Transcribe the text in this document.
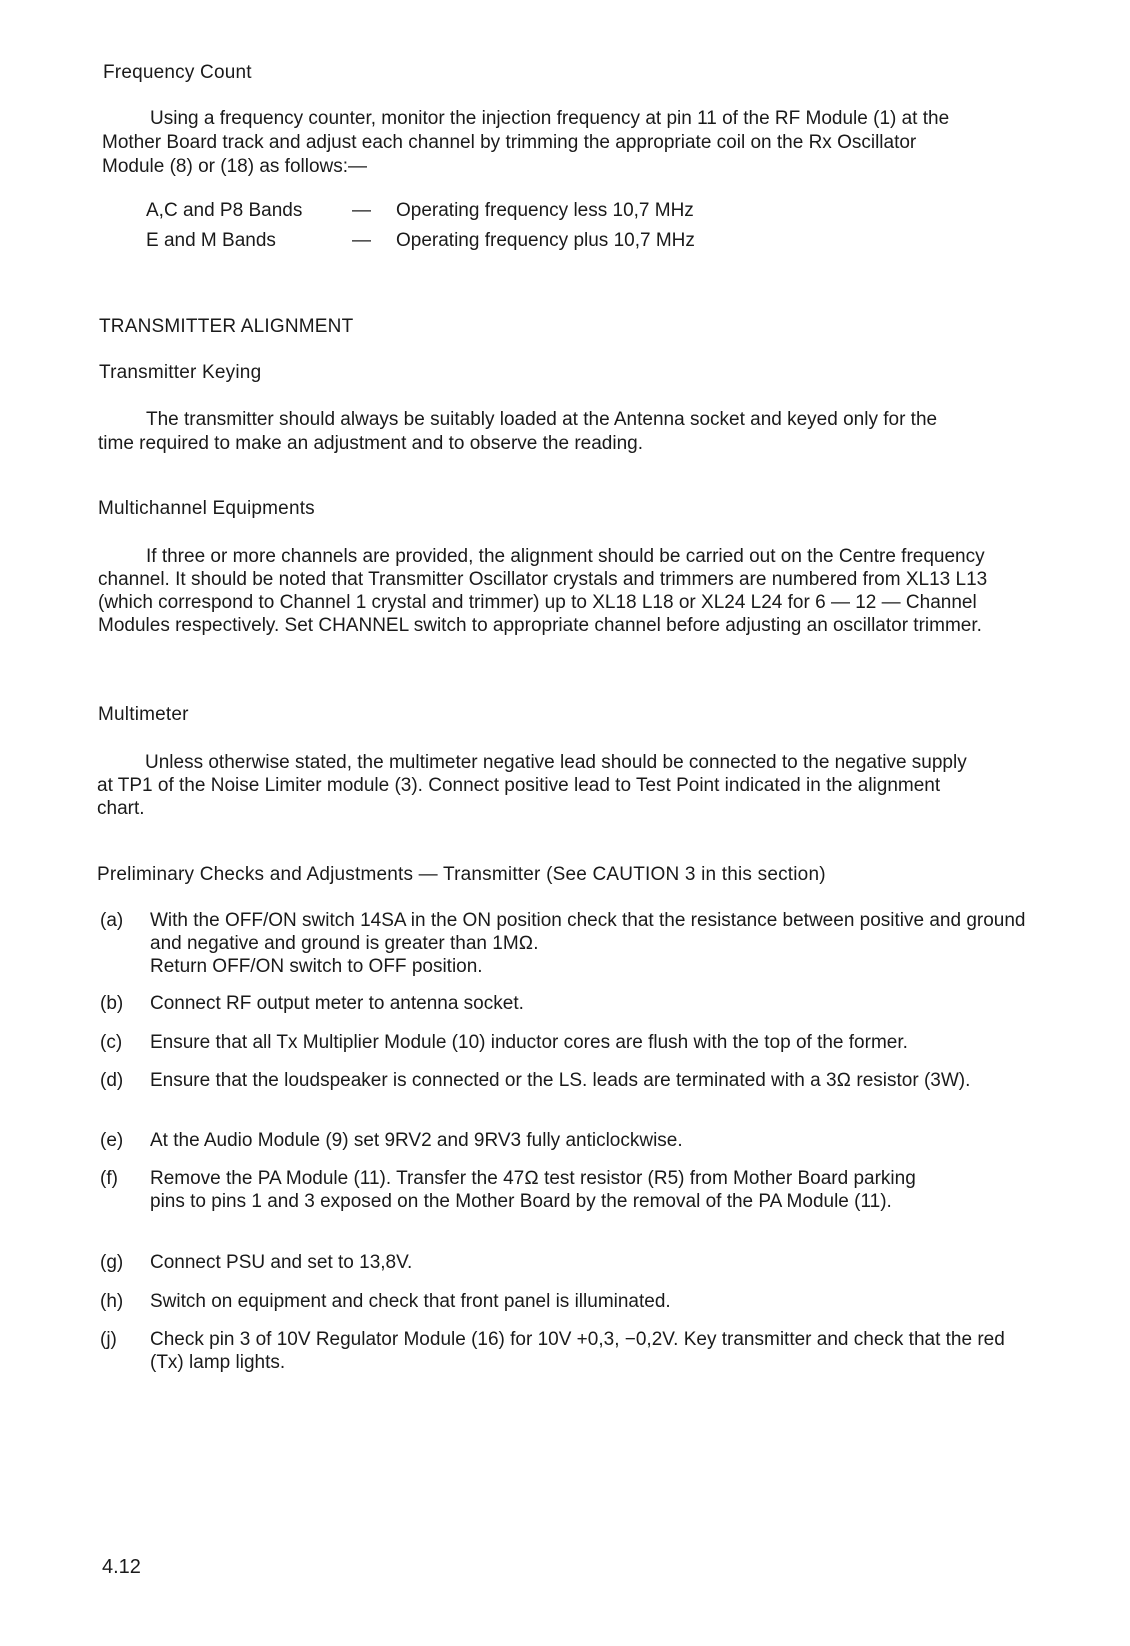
Frequency Count

Using a frequency counter, monitor the injection frequency at pin 11 of the RF Module (1) at the Mother Board track and adjust each channel by trimming the appropriate coil on the Rx Oscillator Module (8) or (18) as follows:—

A,C and P8 Bands	— Operating frequency less 10,7 MHz
E and M Bands	— Operating frequency plus 10,7 MHz
TRANSMITTER ALIGNMENT
Transmitter Keying

The transmitter should always be suitably loaded at the Antenna socket and keyed only for the time required to make an adjustment and to observe the reading.

Multichannel Equipments

If three or more channels are provided, the alignment should be carried out on the Centre frequency channel. It should be noted that Transmitter Oscillator crystals and trimmers are numbered from XL13 L13 (which correspond to Channel 1 crystal and trimmer) up to XL18 L18 or XL24 L24 for 6 — 12 — Channel Modules respectively. Set CHANNEL switch to appropriate channel before adjusting an oscillator trimmer.

Multimeter

Unless otherwise stated, the multimeter negative lead should be connected to the negative supply at TP1 of the Noise Limiter module (3). Connect positive lead to Test Point indicated in the alignment chart.

Preliminary Checks and Adjustments — Transmitter (See CAUTION 3 in this section)
(a)	With the OFF/ON switch 14SA in the ON position check that the resistance between positive and ground and negative and ground is greater than 1MΩ.
Return OFF/ON switch to OFF position.
(b)	Connect RF output meter to antenna socket.
(c)	Ensure that all Tx Multiplier Module (10) inductor cores are flush with the top of the former.
(d)	Ensure that the loudspeaker is connected or the LS. leads are terminated with a 3Ω resistor (3W).
(e)	At the Audio Module (9) set 9RV2 and 9RV3 fully anticlockwise.
(f)	Remove the PA Module (11). Transfer the 47Ω test resistor (R5) from Mother Board parking pins to pins 1 and 3 exposed on the Mother Board by the removal of the PA Module (11).
(g)	Connect PSU and set to 13,8V.
(h)	Switch on equipment and check that front panel is illuminated.
(j)	Check pin 3 of 10V Regulator Module (16) for 10V +0,3, −0,2V. Key transmitter and check that the red (Tx) lamp lights.
4.12
